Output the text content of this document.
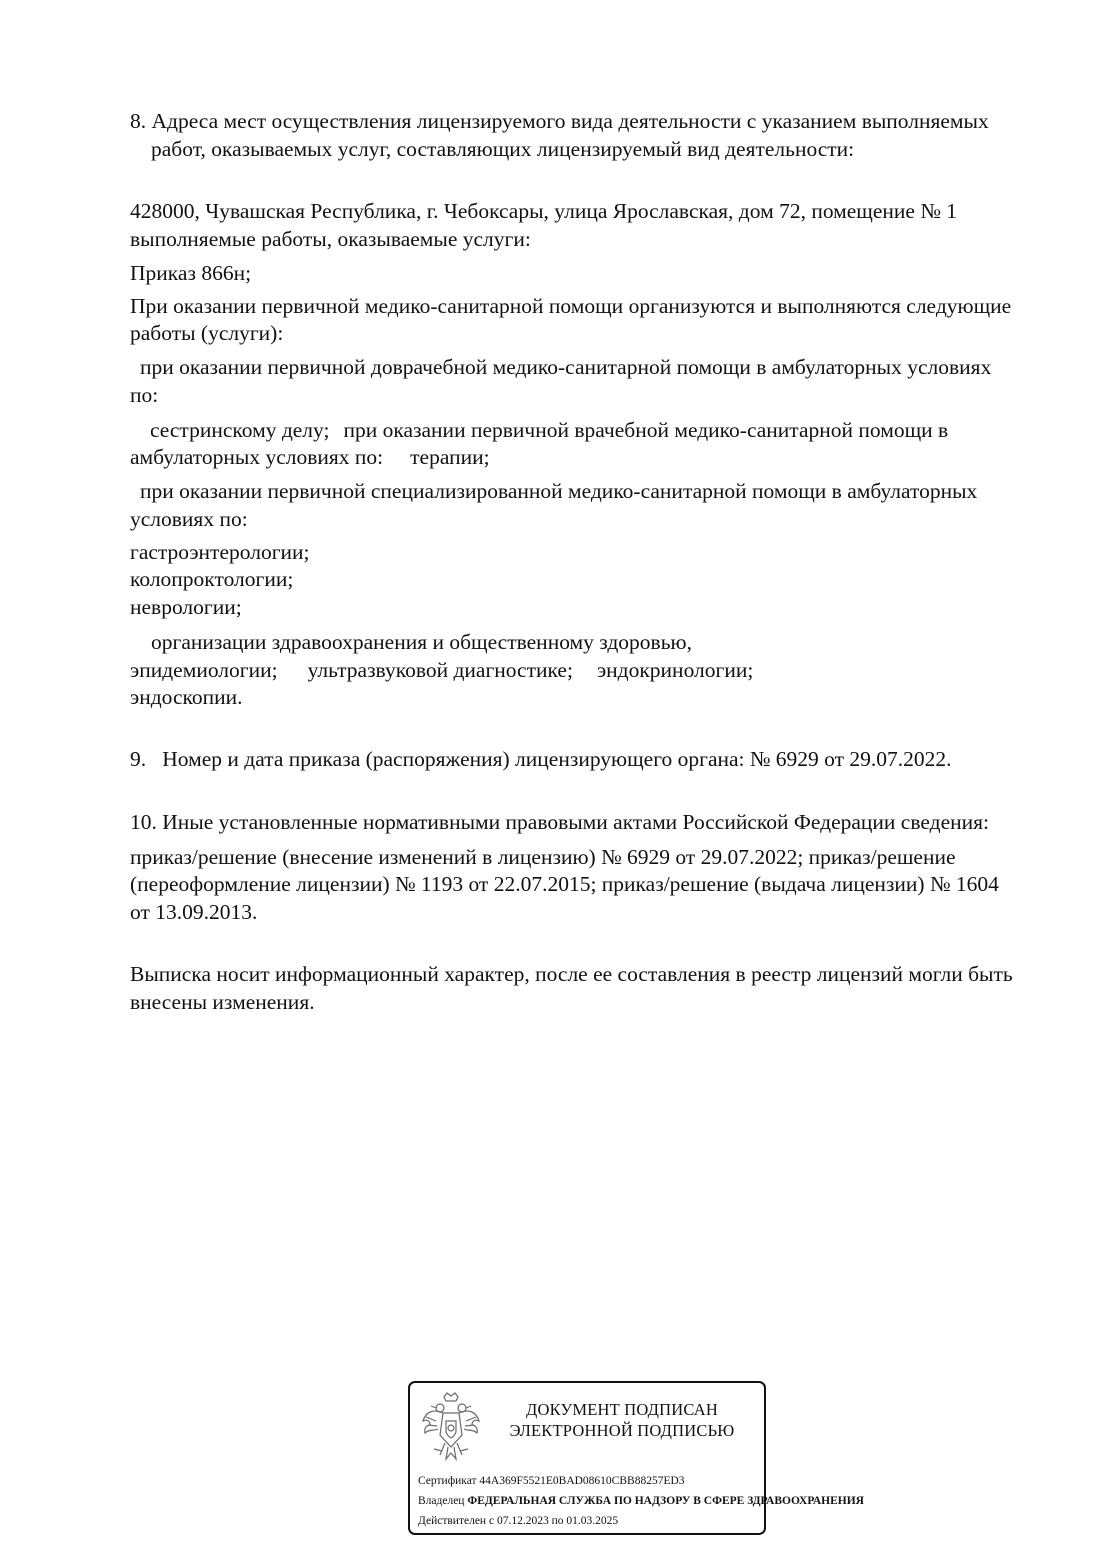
8. Адреса мест осуществления лицензируемого вида деятельности с указанием выполняемых
работ, оказываемых услуг, составляющих лицензируемый вид деятельности:
428000, Чувашская Республика, г. Чебоксары, улица Ярославская, дом 72, помещение № 1
выполняемые работы, оказываемые услуги:
Приказ 866н;
При оказании первичной медико-санитарной помощи организуются и выполняются следующие
работы (услуги):
при оказании первичной доврачебной медико-санитарной помощи в амбулаторных условиях
по:
сестринскому делу; при оказании первичной врачебной медико-санитарной помощи в
амбулаторных условиях по: терапии;
при оказании первичной специализированной медико-санитарной помощи в амбулаторных
условиях по:
гастроэнтерологии;
колопроктологии;
неврологии;
организации здравоохранения и общественному здоровью,
эпидемиологии; ультразвуковой диагностике; эндокринологии;
эндоскопии.
9.   Номер и дата приказа (распоряжения) лицензирующего органа: № 6929 от 29.07.2022.
10. Иные установленные нормативными правовыми актами Российской Федерации сведения:
приказ/решение (внесение изменений в лицензию) № 6929 от 29.07.2022; приказ/решение
(переоформление лицензии) № 1193 от 22.07.2015; приказ/решение (выдача лицензии) № 1604
от 13.09.2013.
Выписка носит информационный характер, после ее составления в реестр лицензий могли быть
внесены изменения.
ДОКУМЕНТ ПОДПИСАН
ЭЛЕКТРОННОЙ ПОДПИСЬЮ
Сертификат 44A369F5521E0BAD08610CBB88257ED3
Владелец ФЕДЕРАЛЬНАЯ СЛУЖБА ПО НАДЗОРУ В СФЕРЕ ЗДРАВООХРАНЕНИЯ
Действителен с 07.12.2023 по 01.03.2025
